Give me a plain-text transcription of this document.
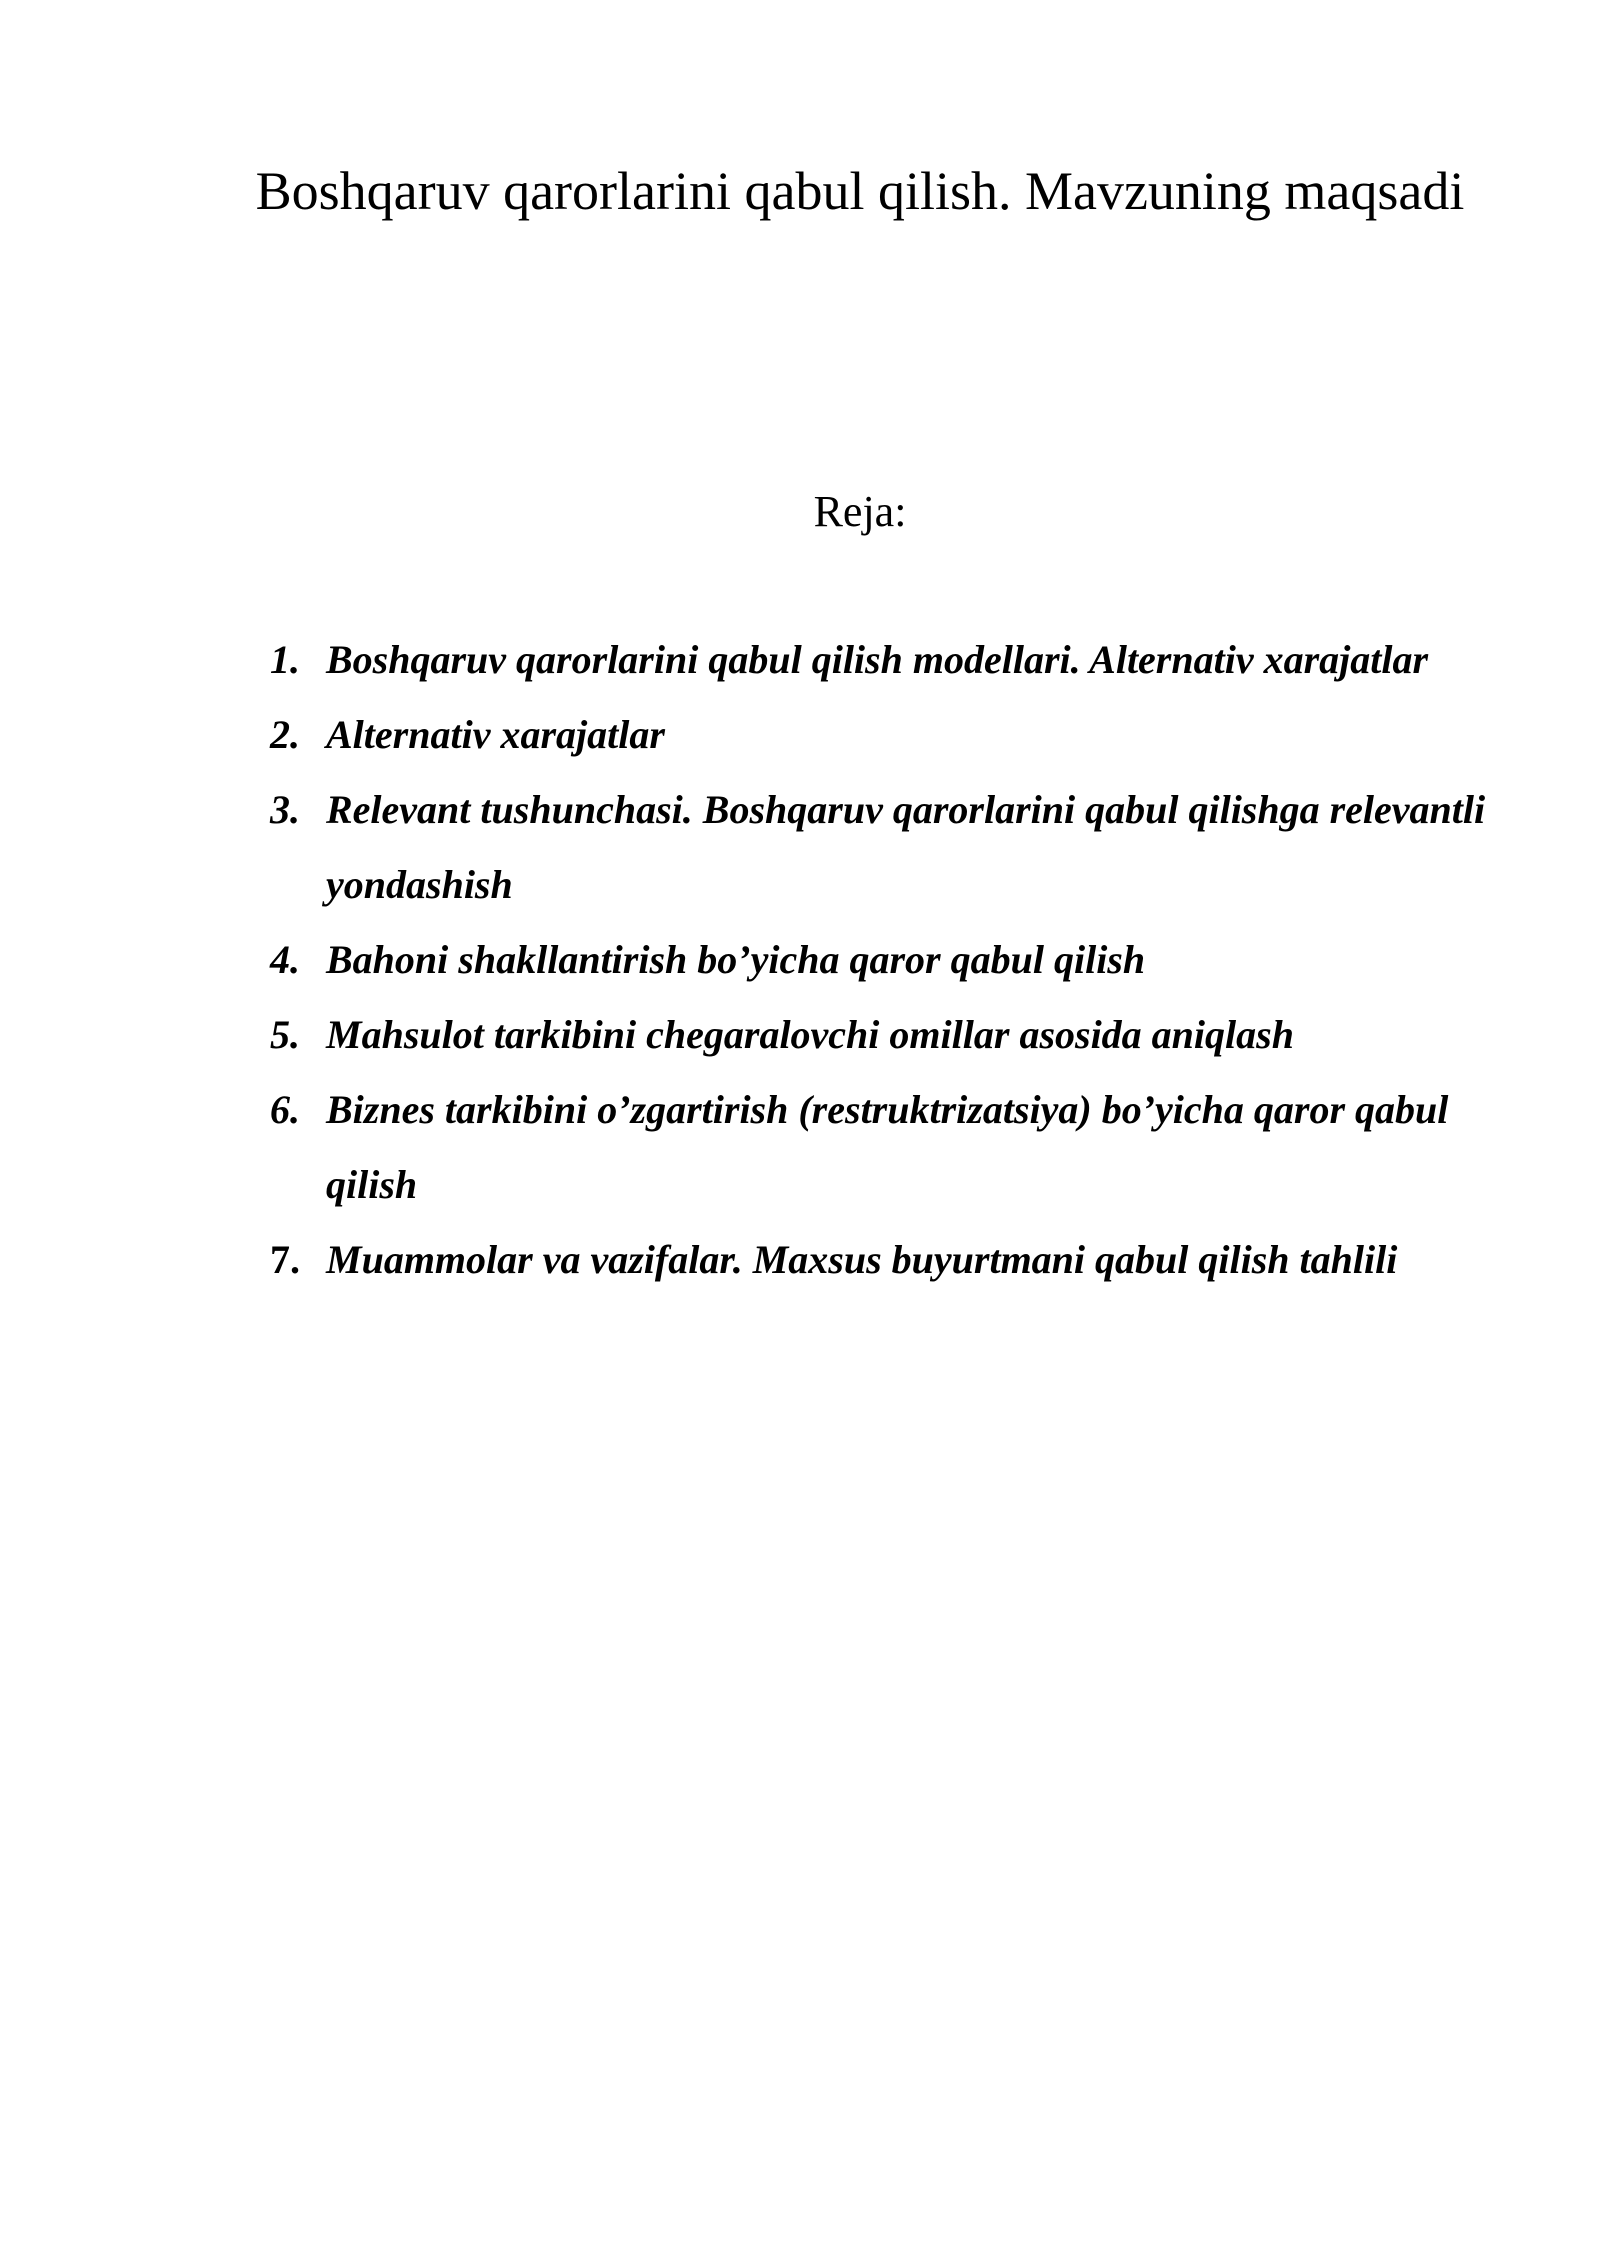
Boshqaruv qarorlarini qabul qilish. Mavzuning maqsadi
Reja:
1. Boshqaruv qarorlarini qabul qilish modellari. Alternativ xarajatlar
2. Alternativ xarajatlar
3. Relevant tushunchasi. Boshqaruv qarorlarini qabul qilishga relevantli yondashish
4. Bahoni shakllantirish bo’yicha qaror qabul qilish
5. Mahsulot tarkibini chegaralovchi omillar asosida aniqlash
6. Biznes tarkibini o’zgartirish (restruktrizatsiya) bo’yicha qaror qabul qilish
7. Muammolar va vazifalar. Maxsus buyurtmani qabul qilish tahlili
